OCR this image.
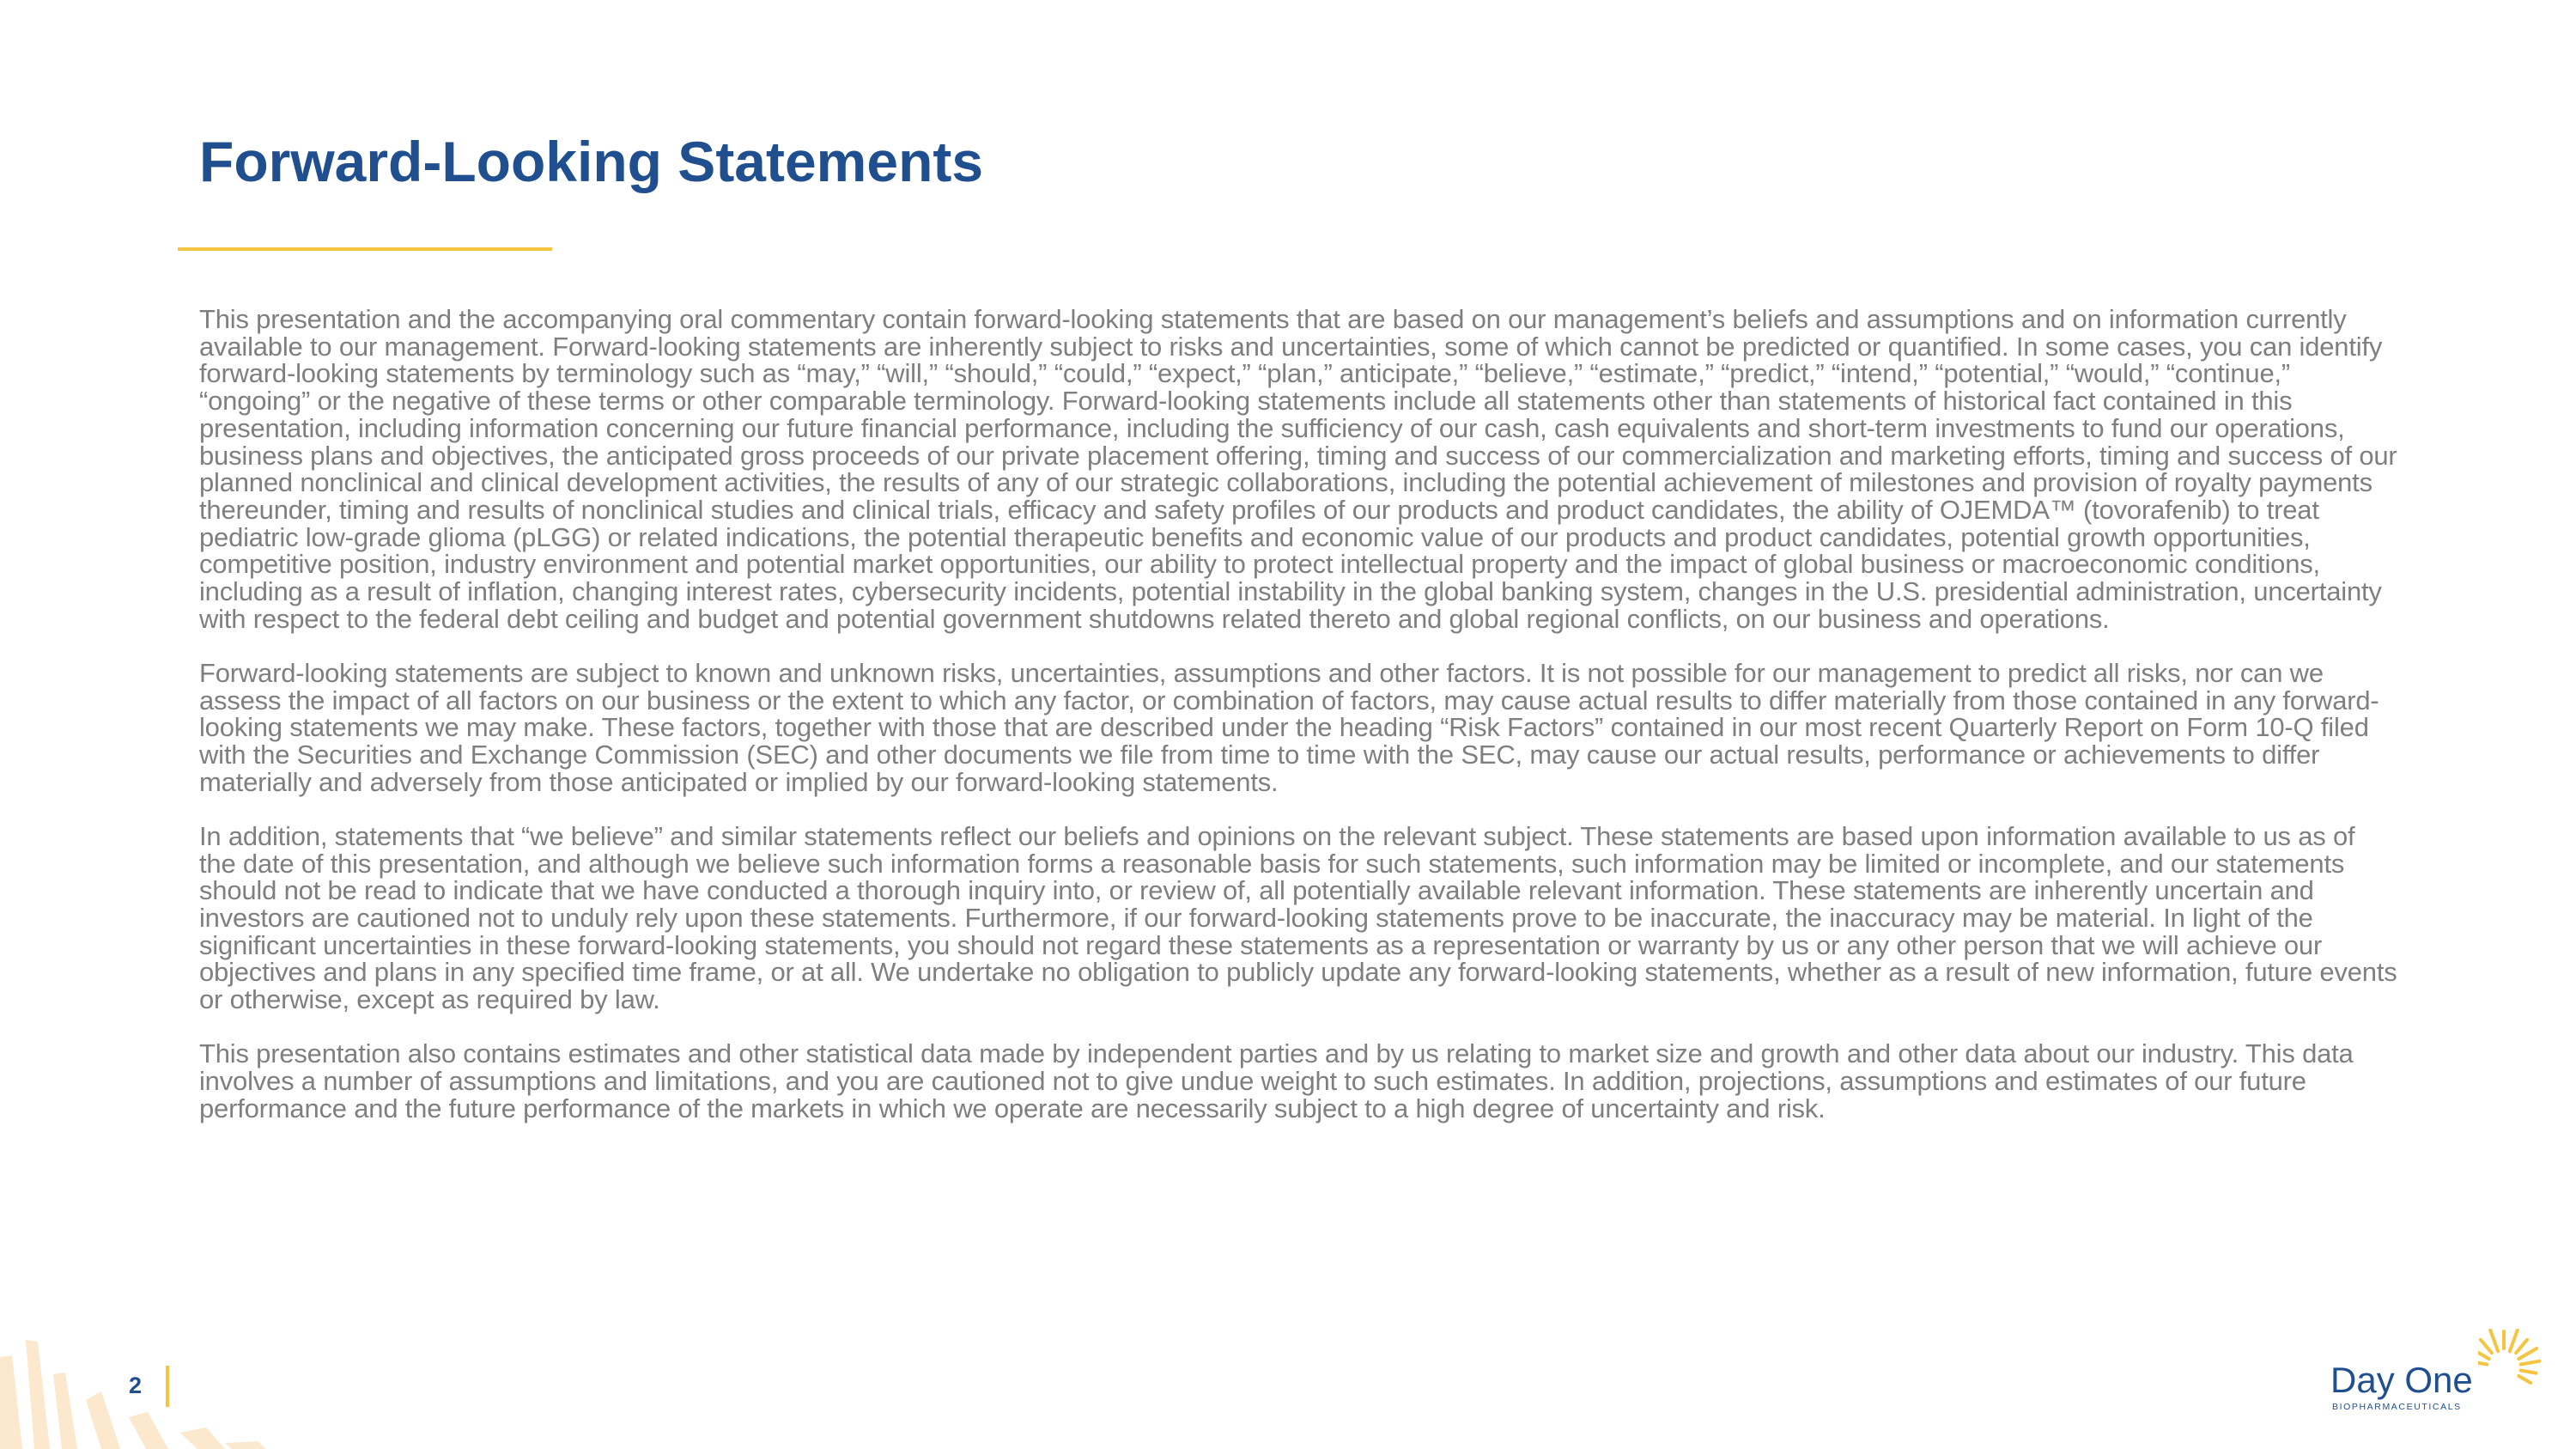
Forward-Looking Statements

This presentation and the accompanying oral commentary contain forward-looking statements that are based on our management’s beliefs and assumptions and on information currently available to our management. Forward-looking statements are inherently subject to risks and uncertainties, some of which cannot be predicted or quantified. In some cases, you can identify forward-looking statements by terminology such as “may,” “will,” “should,” “could,” “expect,” “plan,” anticipate,” “believe,” “estimate,” “predict,” “intend,” “potential,” “would,” “continue,” “ongoing” or the negative of these terms or other comparable terminology. Forward-looking statements include all statements other than statements of historical fact contained in this presentation, including information concerning our future financial performance, including the sufficiency of our cash, cash equivalents and short-term investments to fund our operations, business plans and objectives, the anticipated gross proceeds of our private placement offering, timing and success of our commercialization and marketing efforts, timing and success of our planned nonclinical and clinical development activities, the results of any of our strategic collaborations, including the potential achievement of milestones and provision of royalty payments thereunder, timing and results of nonclinical studies and clinical trials, efficacy and safety profiles of our products and product candidates, the ability of OJEMDA™ (tovorafenib) to treat pediatric low-grade glioma (pLGG) or related indications, the potential therapeutic benefits and economic value of our products and product candidates, potential growth opportunities, competitive position, industry environment and potential market opportunities, our ability to protect intellectual property and the impact of global business or macroeconomic conditions, including as a result of inflation, changing interest rates, cybersecurity incidents, potential instability in the global banking system, changes in the U.S. presidential administration, uncertainty with respect to the federal debt ceiling and budget and potential government shutdowns related thereto and global regional conflicts, on our business and operations.

Forward-looking statements are subject to known and unknown risks, uncertainties, assumptions and other factors. It is not possible for our management to predict all risks, nor can we assess the impact of all factors on our business or the extent to which any factor, or combination of factors, may cause actual results to differ materially from those contained in any forward-looking statements we may make. These factors, together with those that are described under the heading “Risk Factors” contained in our most recent Quarterly Report on Form 10-Q filed with the Securities and Exchange Commission (SEC) and other documents we file from time to time with the SEC, may cause our actual results, performance or achievements to differ materially and adversely from those anticipated or implied by our forward-looking statements.

In addition, statements that “we believe” and similar statements reflect our beliefs and opinions on the relevant subject. These statements are based upon information available to us as of the date of this presentation, and although we believe such information forms a reasonable basis for such statements, such information may be limited or incomplete, and our statements should not be read to indicate that we have conducted a thorough inquiry into, or review of, all potentially available relevant information. These statements are inherently uncertain and investors are cautioned not to unduly rely upon these statements. Furthermore, if our forward-looking statements prove to be inaccurate, the inaccuracy may be material. In light of the significant uncertainties in these forward-looking statements, you should not regard these statements as a representation or warranty by us or any other person that we will achieve our objectives and plans in any specified time frame, or at all. We undertake no obligation to publicly update any forward-looking statements, whether as a result of new information, future events or otherwise, except as required by law.

This presentation also contains estimates and other statistical data made by independent parties and by us relating to market size and growth and other data about our industry. This data involves a number of assumptions and limitations, and you are cautioned not to give undue weight to such estimates. In addition, projections, assumptions and estimates of our future performance and the future performance of the markets in which we operate are necessarily subject to a high degree of uncertainty and risk.

2	Day One
BIOPHARMACEUTICALS
